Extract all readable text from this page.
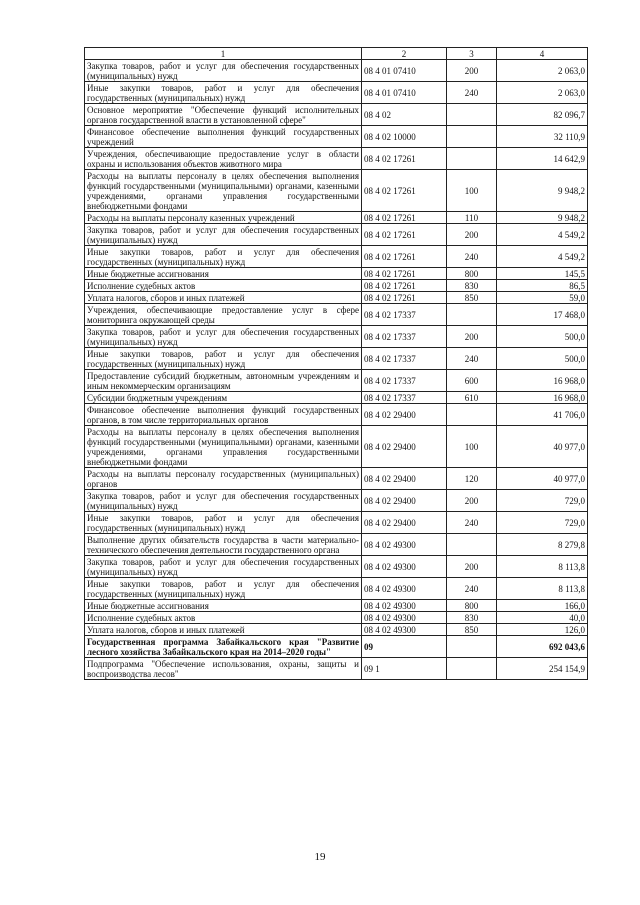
1	2	3	4
Закупка товаров, работ и услуг для обеспечения государственных (муниципальных) нужд	08 4 01 07410	200	2 063,0
Иные закупки товаров, работ и услуг для обеспечения государственных (муниципальных) нужд	08 4 01 07410	240	2 063,0
Основное мероприятие "Обеспечение функций исполнительных органов государственной власти в установленной сфере"	08 4 02		82 096,7
Финансовое обеспечение выполнения функций государственных учреждений	08 4 02 10000		32 110,9
Учреждения, обеспечивающие предоставление услуг в области охраны и использования объектов животного мира	08 4 02 17261		14 642,9
Расходы на выплаты персоналу в целях обеспечения выполнения функций государственными (муниципальными) органами, казенными учреждениями, органами управления государственными внебюджетными фондами	08 4 02 17261	100	9 948,2
Расходы на выплаты персоналу казенных учреждений	08 4 02 17261	110	9 948,2
Закупка товаров, работ и услуг для обеспечения государственных (муниципальных) нужд	08 4 02 17261	200	4 549,2
Иные закупки товаров, работ и услуг для обеспечения государственных (муниципальных) нужд	08 4 02 17261	240	4 549,2
Иные бюджетные ассигнования	08 4 02 17261	800	145,5
Исполнение судебных актов	08 4 02 17261	830	86,5
Уплата налогов, сборов и иных платежей	08 4 02 17261	850	59,0
Учреждения, обеспечивающие предоставление услуг в сфере мониторинга окружающей среды	08 4 02 17337		17 468,0
Закупка товаров, работ и услуг для обеспечения государственных (муниципальных) нужд	08 4 02 17337	200	500,0
Иные закупки товаров, работ и услуг для обеспечения государственных (муниципальных) нужд	08 4 02 17337	240	500,0
Предоставление субсидий бюджетным, автономным учреждениям и иным некоммерческим организациям	08 4 02 17337	600	16 968,0
Субсидии бюджетным учреждениям	08 4 02 17337	610	16 968,0
Финансовое обеспечение выполнения функций государственных органов, в том числе территориальных органов	08 4 02 29400		41 706,0
Расходы на выплаты персоналу в целях обеспечения выполнения функций государственными (муниципальными) органами, казенными учреждениями, органами управления государственными внебюджетными фондами	08 4 02 29400	100	40 977,0
Расходы на выплаты персоналу государственных (муниципальных) органов	08 4 02 29400	120	40 977,0
Закупка товаров, работ и услуг для обеспечения государственных (муниципальных) нужд	08 4 02 29400	200	729,0
Иные закупки товаров, работ и услуг для обеспечения государственных (муниципальных) нужд	08 4 02 29400	240	729,0
Выполнение других обязательств государства в части материально-технического обеспечения деятельности государственного органа	08 4 02 49300		8 279,8
Закупка товаров, работ и услуг для обеспечения государственных (муниципальных) нужд	08 4 02 49300	200	8 113,8
Иные закупки товаров, работ и услуг для обеспечения государственных (муниципальных) нужд	08 4 02 49300	240	8 113,8
Иные бюджетные ассигнования	08 4 02 49300	800	166,0
Исполнение судебных актов	08 4 02 49300	830	40,0
Уплата налогов, сборов и иных платежей	08 4 02 49300	850	126,0
Государственная программа Забайкальского края "Развитие лесного хозяйства Забайкальского края на 2014–2020 годы"	09		692 043,6
Подпрограмма "Обеспечение использования, охраны, защиты и воспроизводства лесов"	09 1		254 154,9
19
